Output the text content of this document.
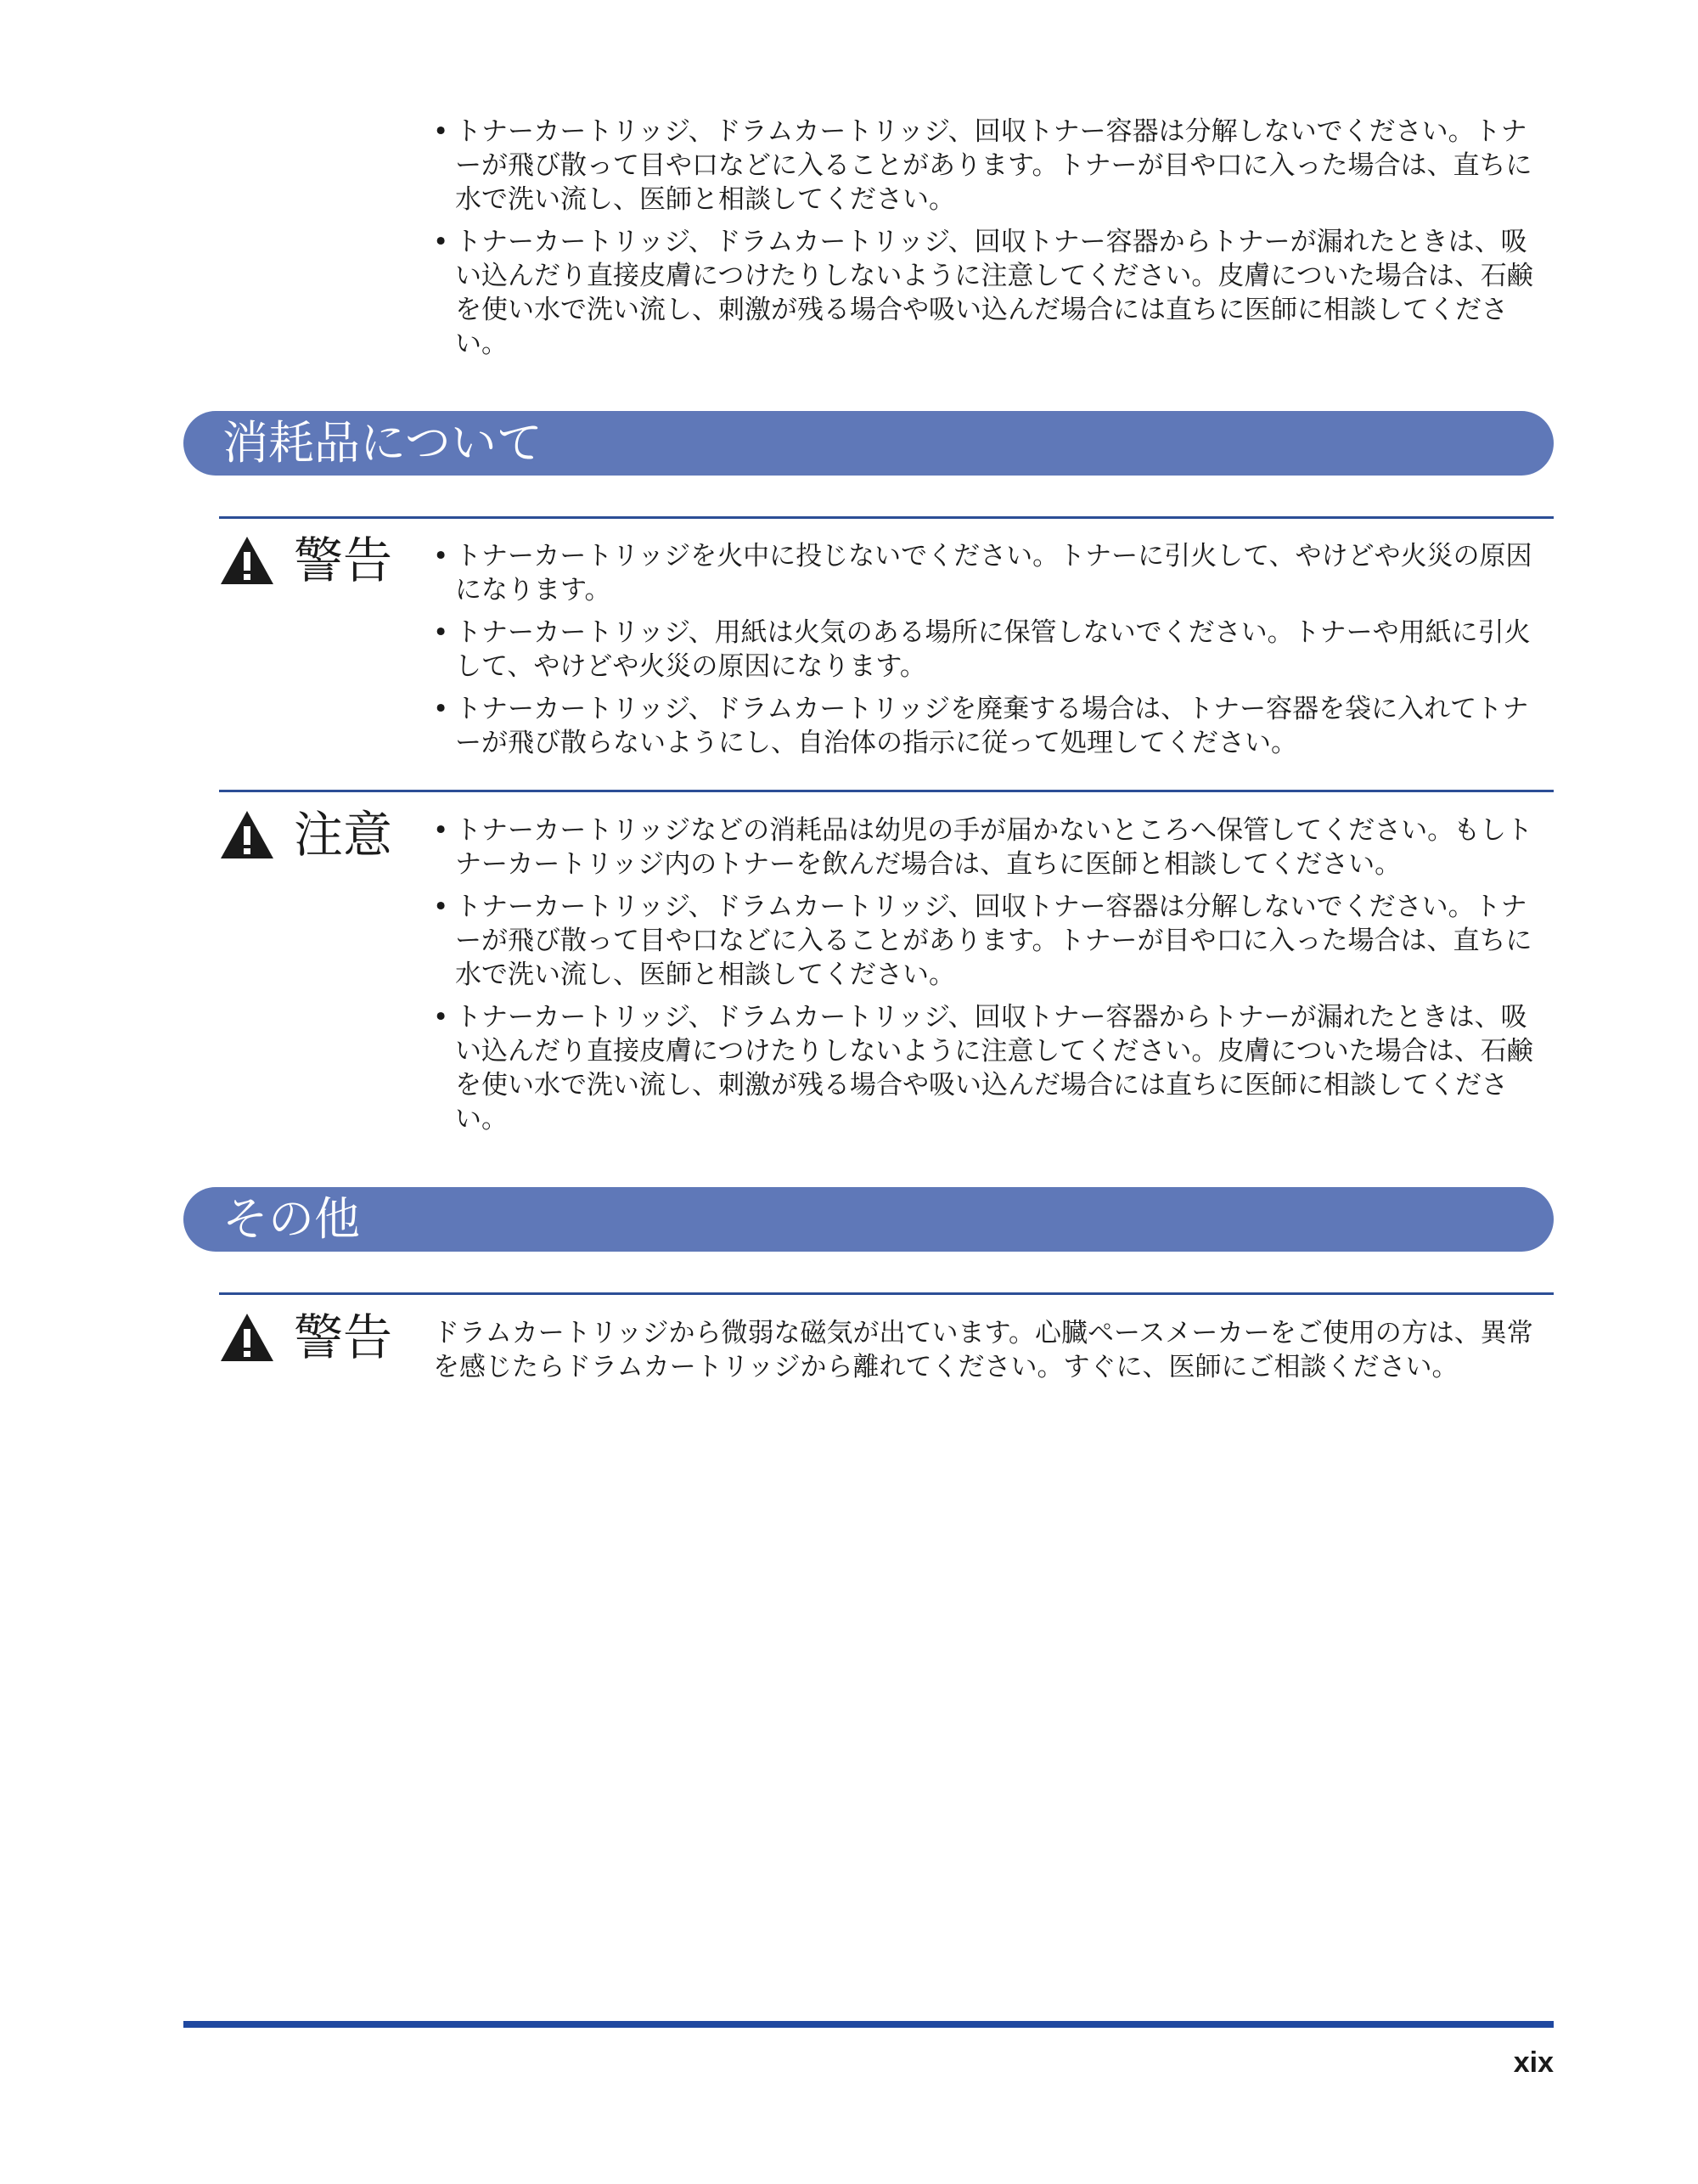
• トナーカートリッジ、ドラムカートリッジ、回収トナー容器は分解しないでください。トナーが飛び散って目や口などに入ることがあります。トナーが目や口に入った場合は、直ちに水で洗い流し、医師と相談してください。
• トナーカートリッジ、ドラムカートリッジ、回収トナー容器からトナーが漏れたときは、吸い込んだり直接皮膚につけたりしないように注意してください。皮膚についた場合は、石鹸を使い水で洗い流し、刺激が残る場合や吸い込んだ場合には直ちに医師に相談してください。
消耗品について
警告	• トナーカートリッジを火中に投じないでください。トナーに引火して、やけどや火災の原因になります。
• トナーカートリッジ、用紙は火気のある場所に保管しないでください。トナーや用紙に引火して、やけどや火災の原因になります。
• トナーカートリッジ、ドラムカートリッジを廃棄する場合は、トナー容器を袋に入れてトナーが飛び散らないようにし、自治体の指示に従って処理してください。
注意	• トナーカートリッジなどの消耗品は幼児の手が届かないところへ保管してください。もしトナーカートリッジ内のトナーを飲んだ場合は、直ちに医師と相談してください。
• トナーカートリッジ、ドラムカートリッジ、回収トナー容器は分解しないでください。トナーが飛び散って目や口などに入ることがあります。トナーが目や口に入った場合は、直ちに水で洗い流し、医師と相談してください。
• トナーカートリッジ、ドラムカートリッジ、回収トナー容器からトナーが漏れたときは、吸い込んだり直接皮膚につけたりしないように注意してください。皮膚についた場合は、石鹸を使い水で洗い流し、刺激が残る場合や吸い込んだ場合には直ちに医師に相談してください。
その他
警告 ドラムカートリッジから微弱な磁気が出ています。心臓ペースメーカーをご使用の方は、異常を感じたらドラムカートリッジから離れてください。すぐに、医師にご相談ください。
xix
